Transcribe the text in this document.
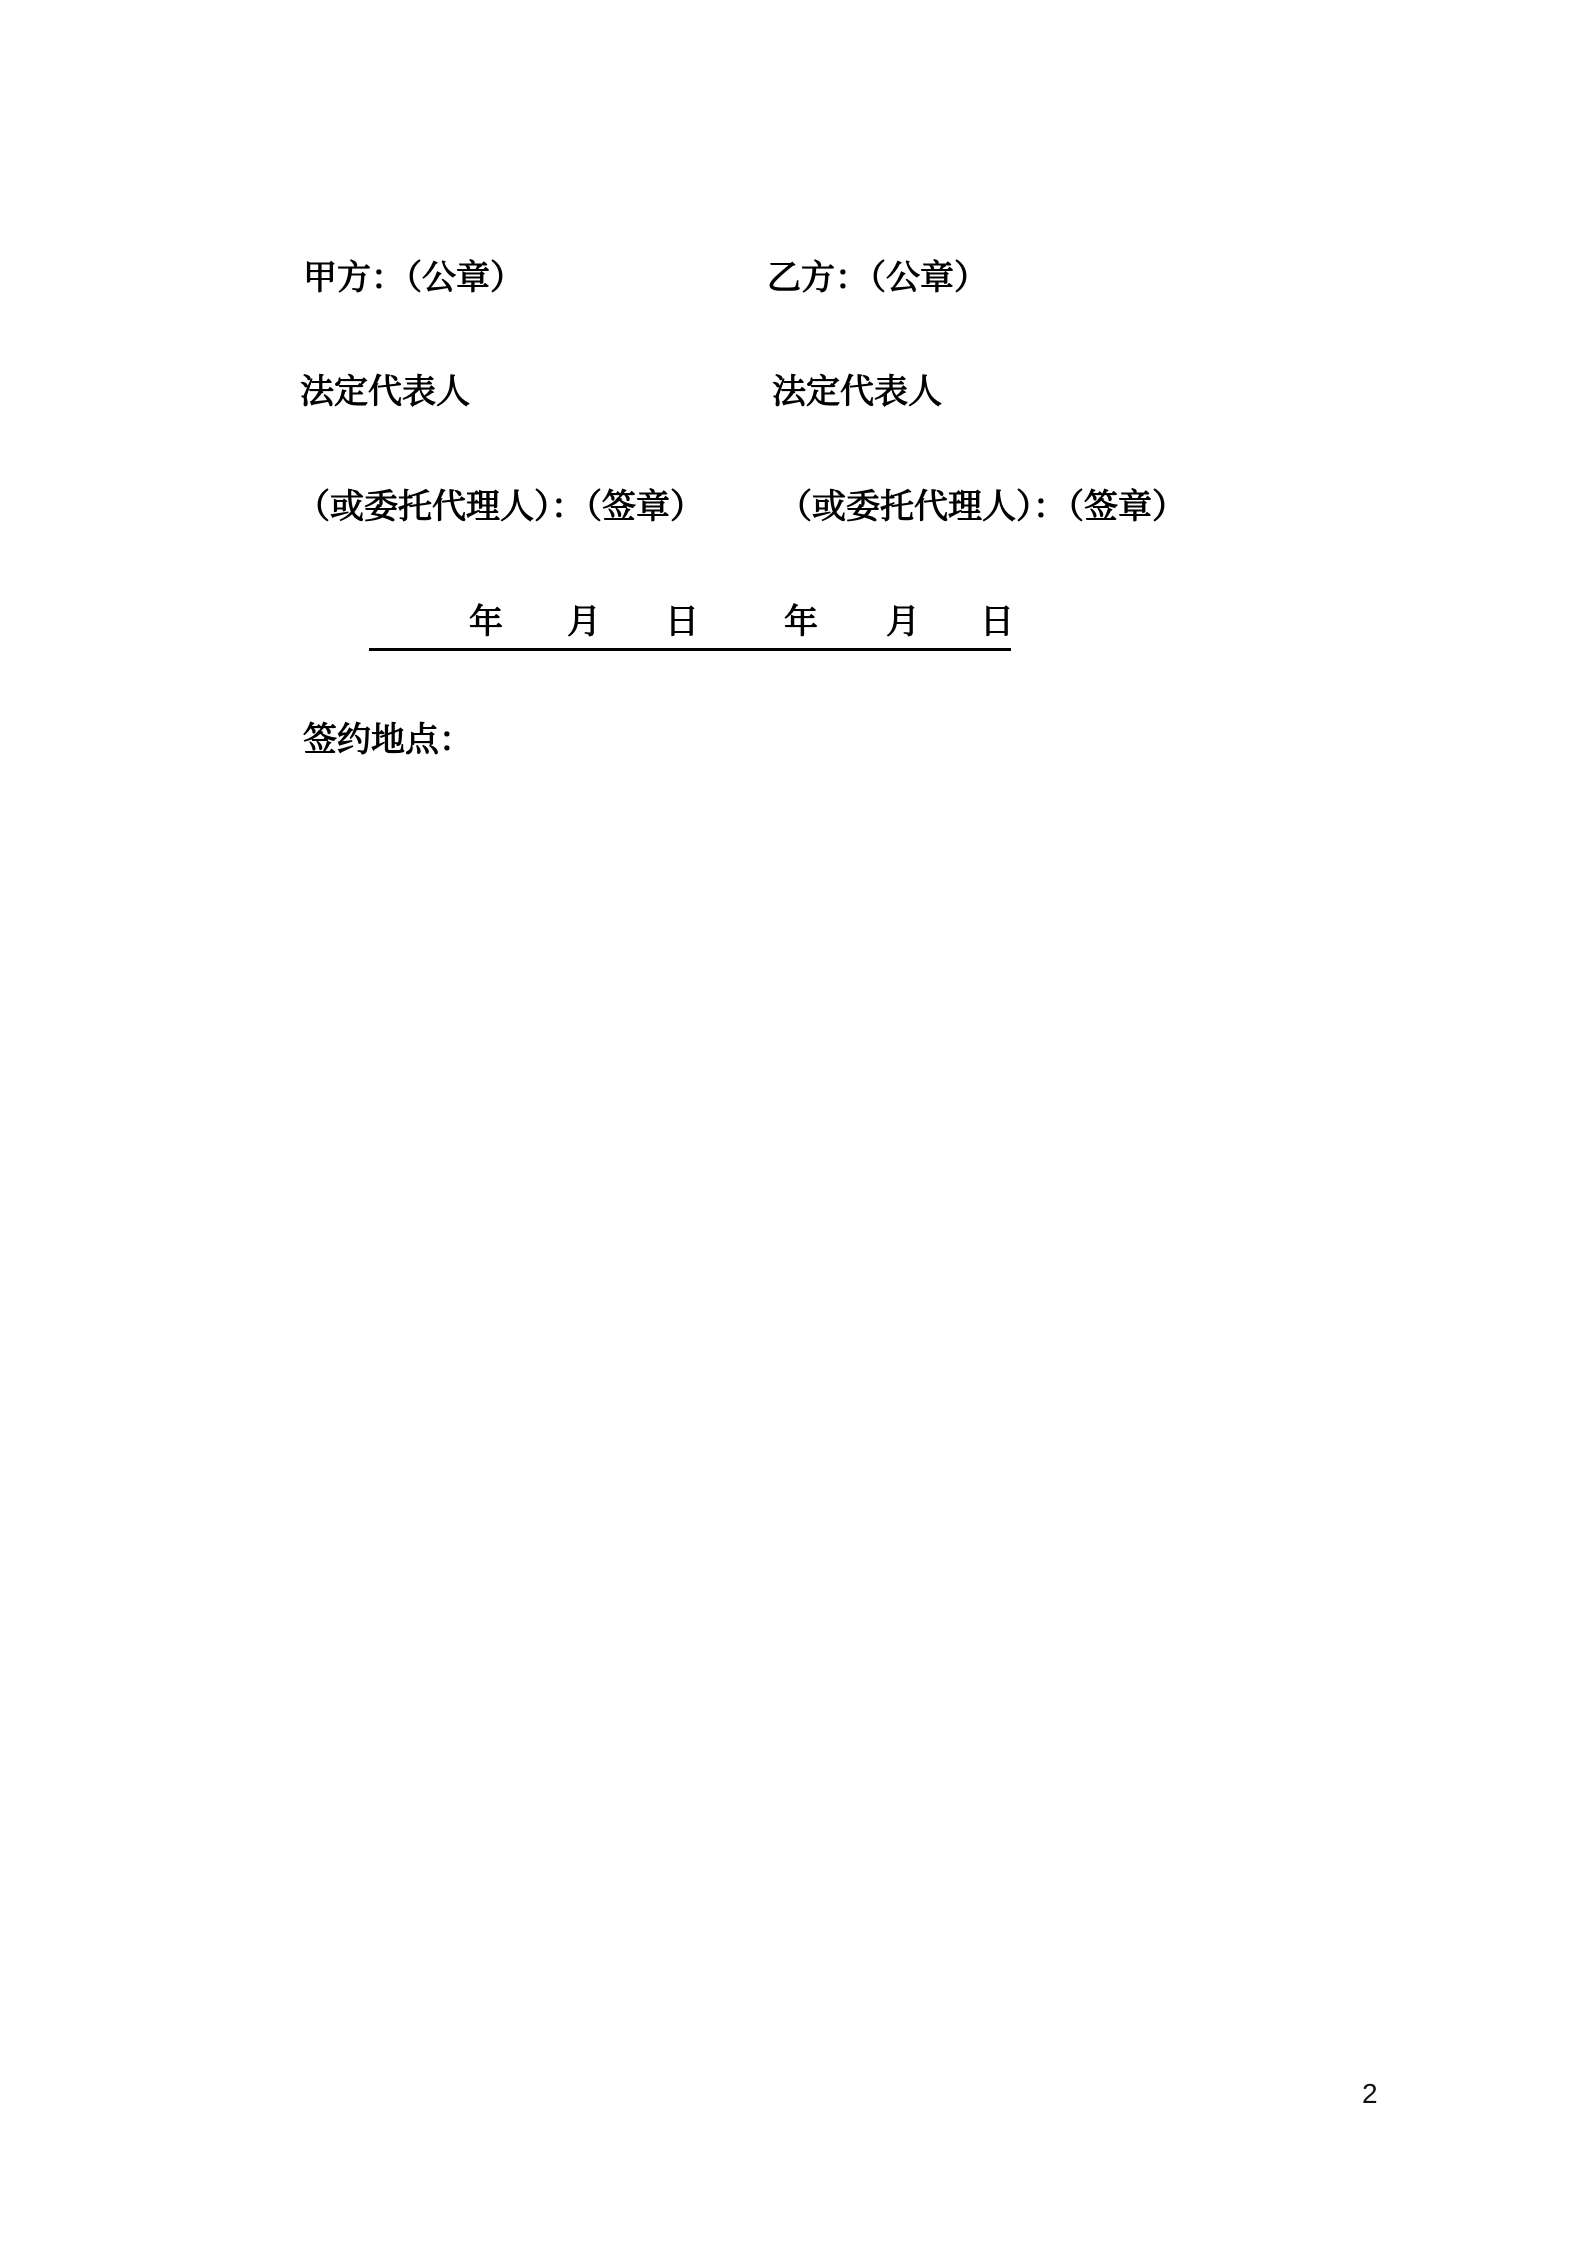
甲方：（公章）	乙方：（公章）
法定代表人	法定代表人
（或委托代理人）：（签章） （或委托代理人）：（签章）
年 月 日	年 月 日
签约地点：
2
